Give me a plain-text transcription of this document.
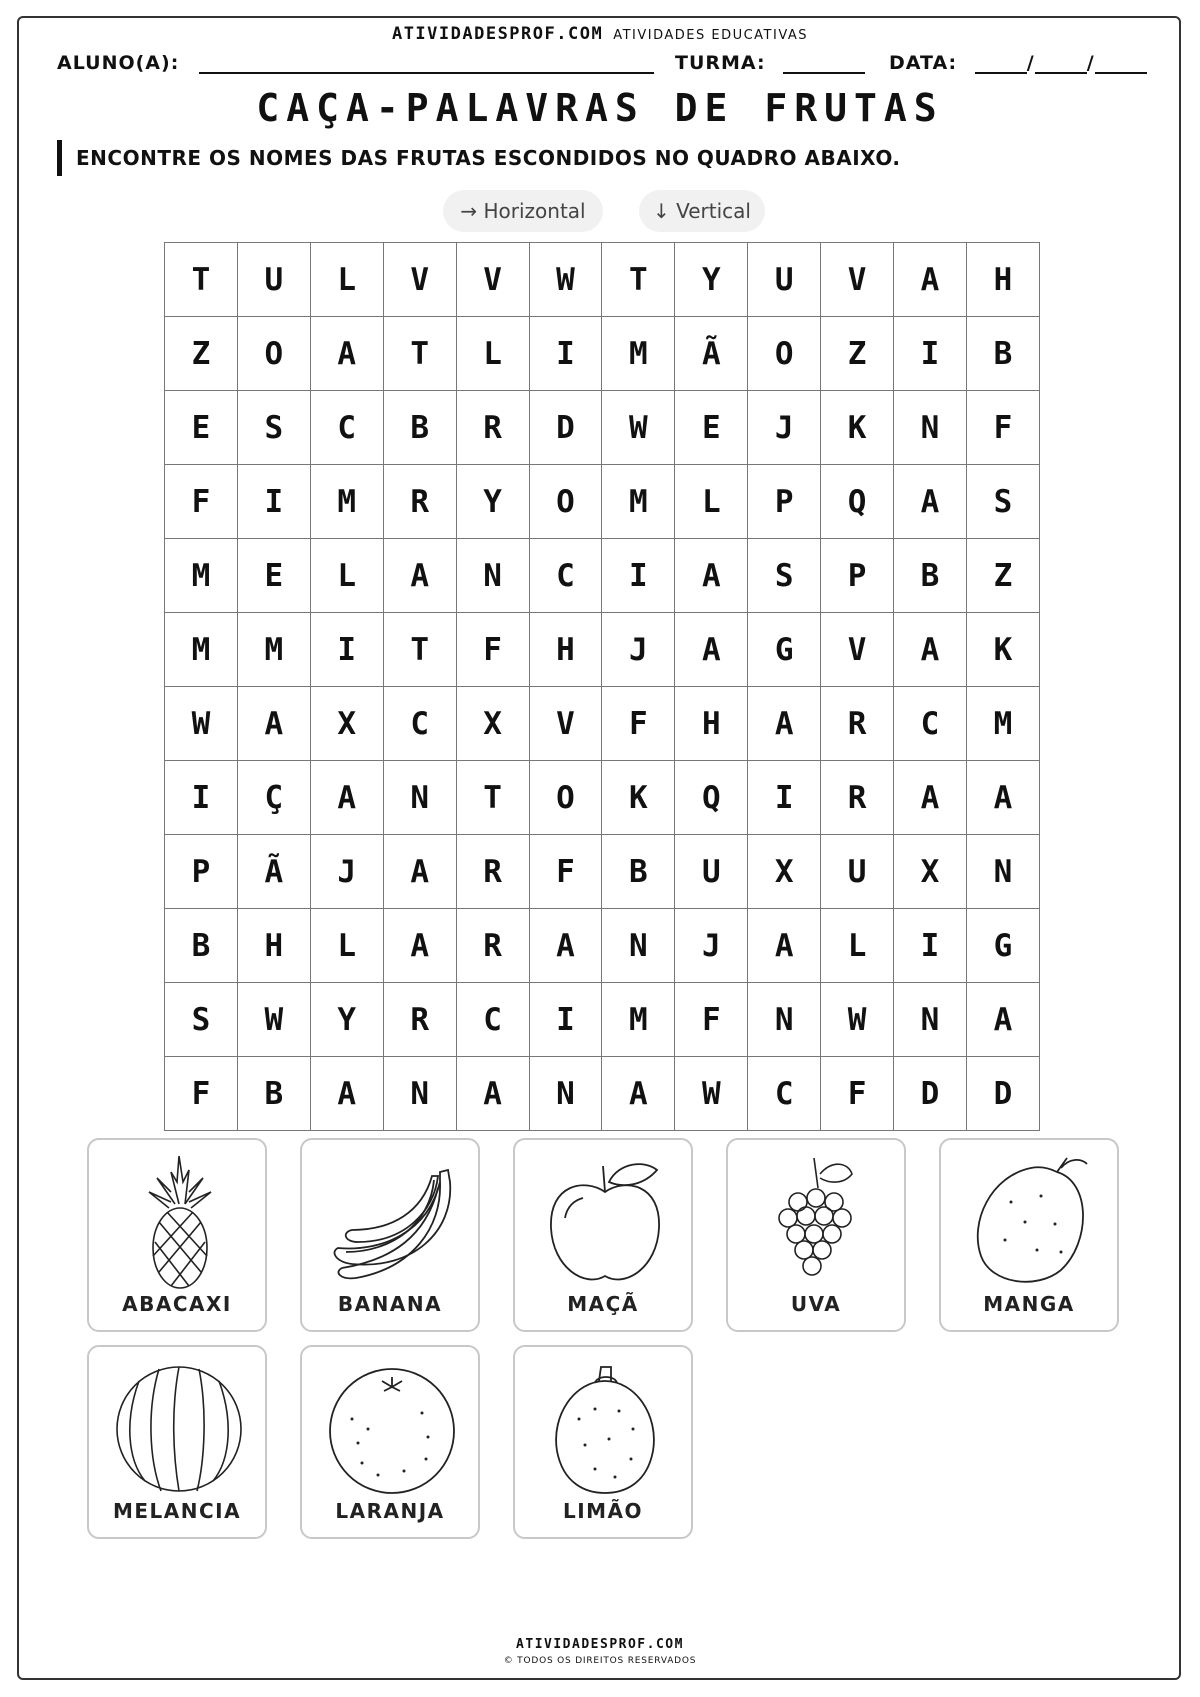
ATIVIDADESPROF.COM ATIVIDADES EDUCATIVAS
ALUNO(A):	TURMA:	DATA:	/	/
CAÇA-PALAVRAS DE FRUTAS
ENCONTRE OS NOMES DAS FRUTAS ESCONDIDOS NO QUADRO ABAIXO.
→ Horizontal	↓ Vertical
T	U	L	V	V	W	T	Y	U	V	A	H
Z	O	A	T	L	I	M	Ã	O	Z	I	B
E	S	C	B	R	D	W	E	J	K	N	F
F	I	M	R	Y	O	M	L	P	Q	A	S
M	E	L	A	N	C	I	A	S	P	B	Z
M	M	I	T	F	H	J	A	G	V	A	K
W	A	X	C	X	V	F	H	A	R	C	M
I	Ç	A	N	T	O	K	Q	I	R	A	A
P	Ã	J	A	R	F	B	U	X	U	X	N
B	H	L	A	R	A	N	J	A	L	I	G
S	W	Y	R	C	I	M	F	N	W	N	A
F	B	A	N	A	N	A	W	C	F	D	D
ABACAXI	BANANA	MAÇÃ	UVA	MANGA
MELANCIA	LARANJA	LIMÃO
ATIVIDADESPROF.COM
© TODOS OS DIREITOS RESERVADOS
